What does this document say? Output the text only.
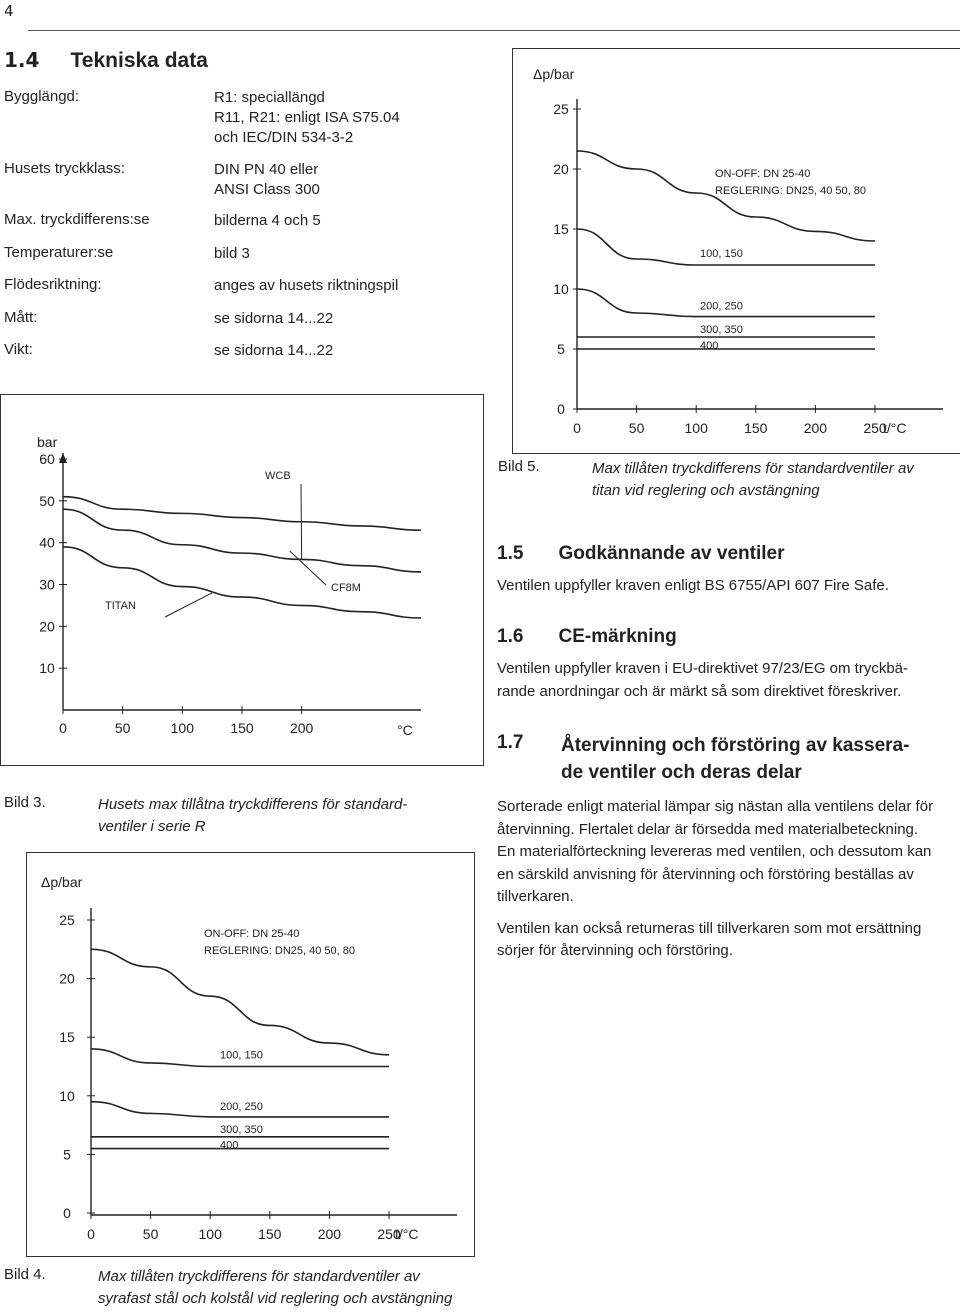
4
1.4 Tekniska data
Bygglängd:	R1: speciallängd
R11, R21: enligt ISA S75.04
och IEC/DIN 534-3-2
Husets tryckklass:	DIN PN 40 eller
ANSI Class 300
Max. tryckdifferens:se	bilderna 4 och 5
Temperaturer:se	bild 3
Flödesriktning:	anges av husets riktningspil
Mått:	se sidorna 14...22
Vikt:	se sidorna 14...22
0
5
10
15
20
25
0	50	100	150	200	250
Δp/bar
t/°C
ON-OFF: DN 25-40
REGLERING: DN25, 40 50, 80
100, 150
200, 250
300, 350
400
10
20
30
40
50
60
0	50	100	150	200
bar
°C
WCB
CF8M
TITAN
0
5
10
15
20
25
0	50	100	150	200	250
Δp/bar
t/°C
ON-OFF: DN 25-40
REGLERING: DN25, 40 50, 80
100, 150
200, 250
300, 350
400
Bild 5.	Max tillåten tryckdifferens för standardventiler av
titan vid reglering och avstängning
Bild 3.	Husets max tillåtna tryckdifferens för standard-
ventiler i serie R
Bild 4.	Max tillåten tryckdifferens för standardventiler av
syrafast stål och kolstål vid reglering och avstängning
1.5 Godkännande av ventiler
Ventilen uppfyller kraven enligt BS 6755/API 607 Fire Safe.
1.6 CE-märkning
Ventilen uppfyller kraven i EU-direktivet 97/23/EG om tryckbä-
rande anordningar och är märkt så som direktivet föreskriver.
1.7 Återvinning och förstöring av kassera-
de ventiler och deras delar
Sorterade enligt material lämpar sig nästan alla ventilens delar för
återvinning. Flertalet delar är försedda med materialbeteckning.
En materialförteckning levereras med ventilen, och dessutom kan
en särskild anvisning för återvinning och förstöring beställas av
tillverkaren.
Ventilen kan också returneras till tillverkaren som mot ersättning
sörjer för återvinning och förstöring.
